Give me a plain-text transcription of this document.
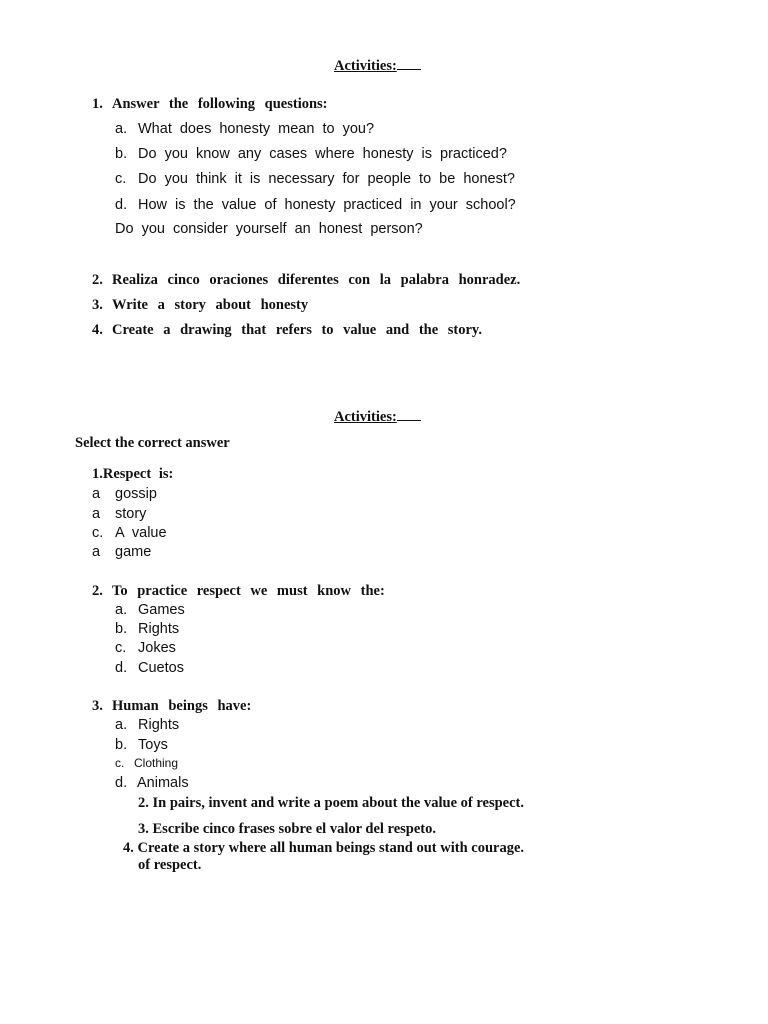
Activities:
1. Answer the following questions:
a. What does honesty mean to you?
b. Do you know any cases where honesty is practiced?
c. Do you think it is necessary for people to be honest?
d. How is the value of honesty practiced in your school?
Do you consider yourself an honest person?
2. Realiza cinco oraciones diferentes con la palabra honradez.
3. Write a story about honesty
4. Create a drawing that refers to value and the story.
Activities:
Select the correct answer
1.Respect is:
a gossip
a story
c. A value
a game
2. To practice respect we must know the:
a. Games
b. Rights
c. Jokes
d. Cuetos
3. Human beings have:
a. Rights
b. Toys
c. Clothing
d. Animals
2. In pairs, invent and write a poem about the value of respect.
3. Escribe cinco frases sobre el valor del respeto.
4. Create a story where all human beings stand out with courage.
of respect.
